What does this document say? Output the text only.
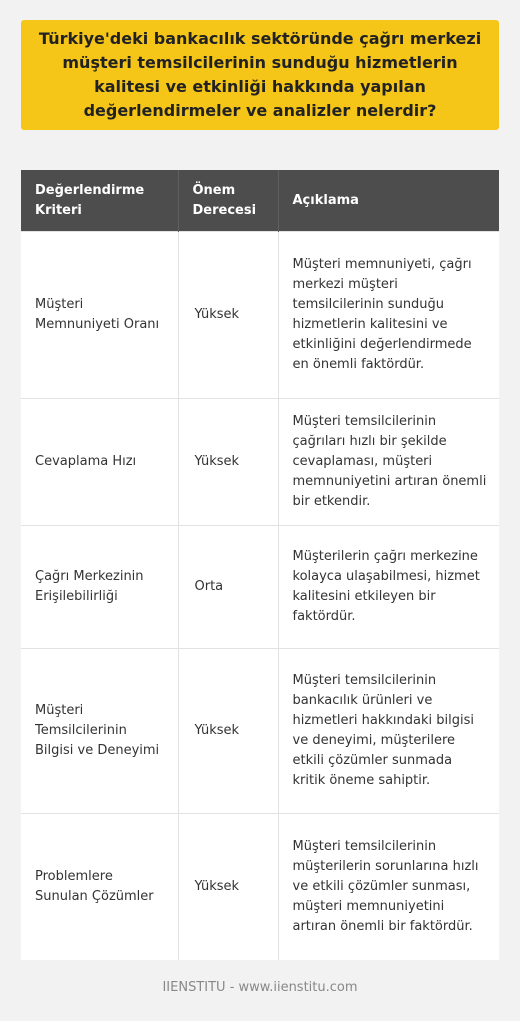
Türkiye'deki bankacılık sektöründe çağrı merkezi müşteri temsilcilerinin sunduğu hizmetlerin kalitesi ve etkinliği hakkında yapılan değerlendirmeler ve analizler nelerdir?
Değerlendirme Kriteri	Önem Derecesi	Açıklama
Müşteri Memnuniyeti Oranı	Yüksek	Müşteri memnuniyeti, çağrı merkezi müşteri temsilcilerinin sunduğu hizmetlerin kalitesini ve etkinliğini değerlendirmede en önemli faktördür.
Cevaplama Hızı	Yüksek	Müşteri temsilcilerinin çağrıları hızlı bir şekilde cevaplaması, müşteri memnuniyetini artıran önemli bir etkendir.
Çağrı Merkezinin Erişilebilirliği	Orta	Müşterilerin çağrı merkezine kolayca ulaşabilmesi, hizmet kalitesini etkileyen bir faktördür.
Müşteri Temsilcilerinin Bilgisi ve Deneyimi	Yüksek	Müşteri temsilcilerinin bankacılık ürünleri ve hizmetleri hakkındaki bilgisi ve deneyimi, müşterilere etkili çözümler sunmada kritik öneme sahiptir.
Problemlere Sunulan Çözümler	Yüksek	Müşteri temsilcilerinin müşterilerin sorunlarına hızlı ve etkili çözümler sunması, müşteri memnuniyetini artıran önemli bir faktördür.
IIENSTITU - www.iienstitu.com
